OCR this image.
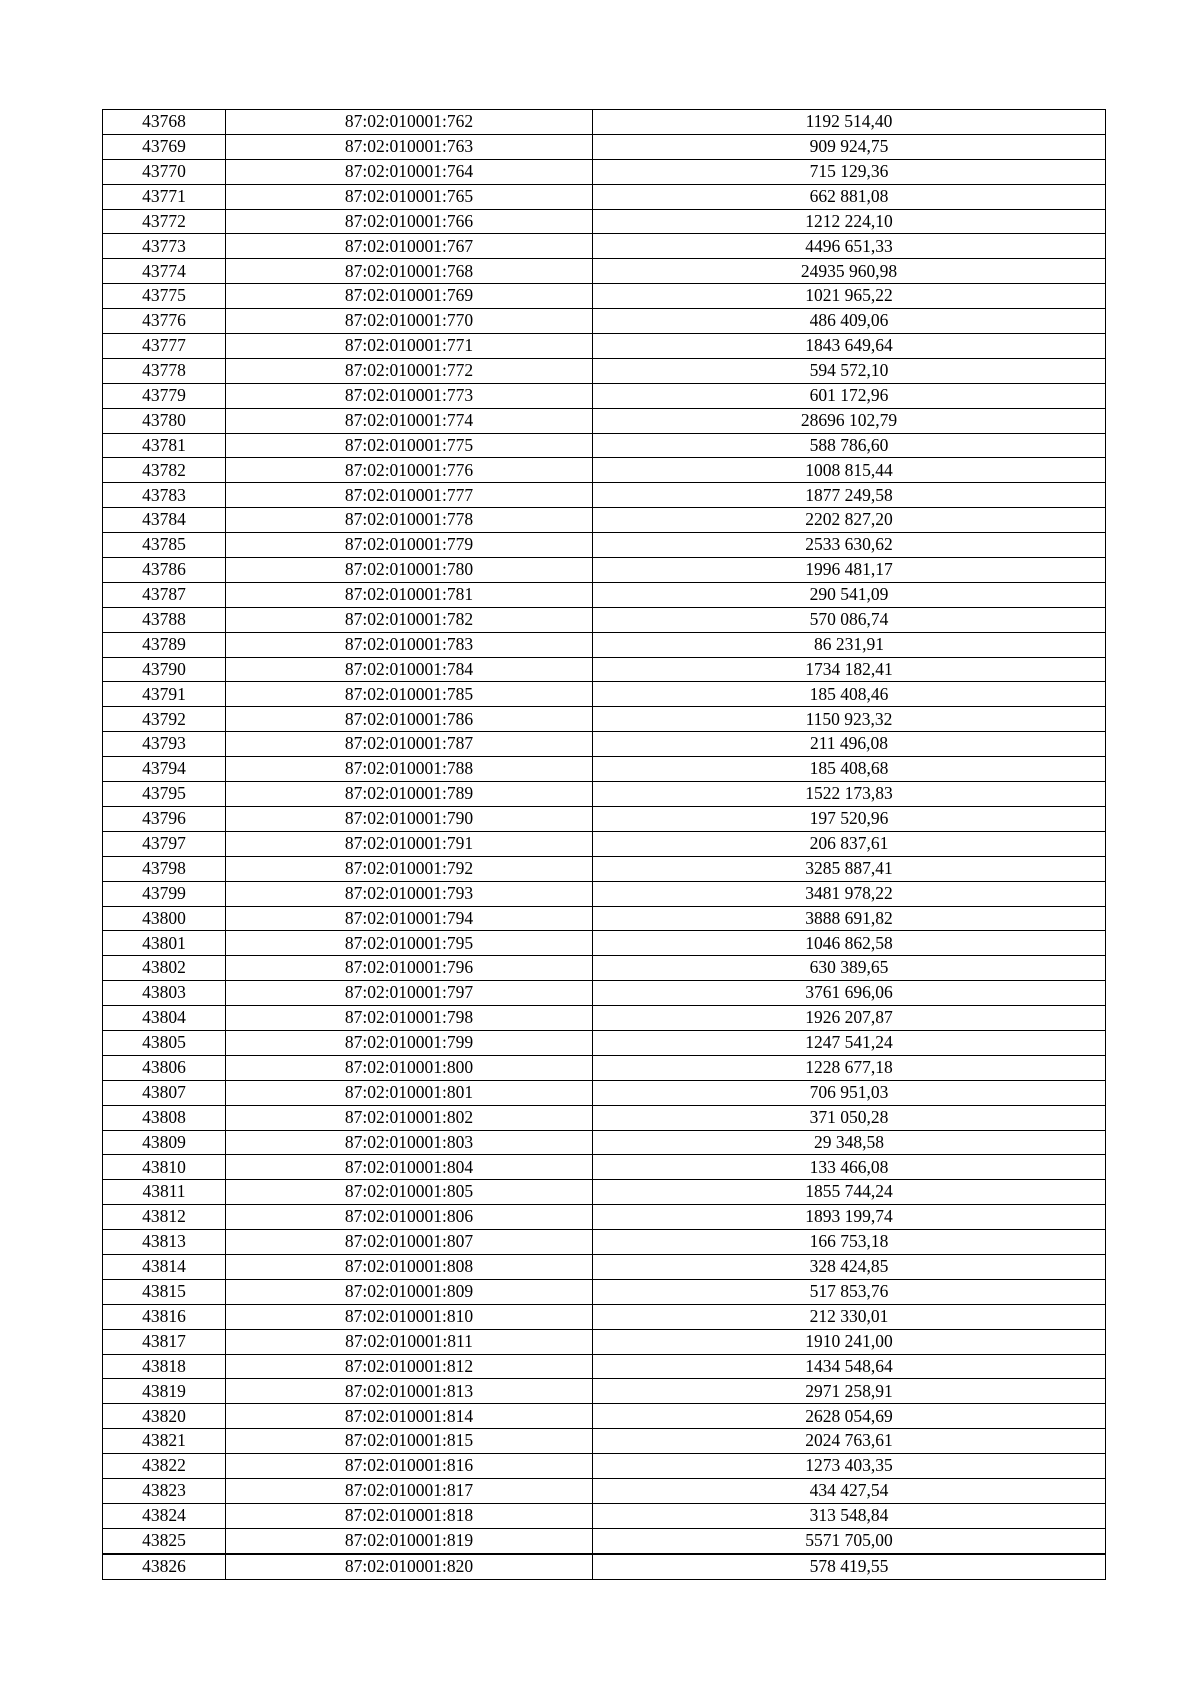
43768	87:02:010001:762	1192 514,40
43769	87:02:010001:763	909 924,75
43770	87:02:010001:764	715 129,36
43771	87:02:010001:765	662 881,08
43772	87:02:010001:766	1212 224,10
43773	87:02:010001:767	4496 651,33
43774	87:02:010001:768	24935 960,98
43775	87:02:010001:769	1021 965,22
43776	87:02:010001:770	486 409,06
43777	87:02:010001:771	1843 649,64
43778	87:02:010001:772	594 572,10
43779	87:02:010001:773	601 172,96
43780	87:02:010001:774	28696 102,79
43781	87:02:010001:775	588 786,60
43782	87:02:010001:776	1008 815,44
43783	87:02:010001:777	1877 249,58
43784	87:02:010001:778	2202 827,20
43785	87:02:010001:779	2533 630,62
43786	87:02:010001:780	1996 481,17
43787	87:02:010001:781	290 541,09
43788	87:02:010001:782	570 086,74
43789	87:02:010001:783	86 231,91
43790	87:02:010001:784	1734 182,41
43791	87:02:010001:785	185 408,46
43792	87:02:010001:786	1150 923,32
43793	87:02:010001:787	211 496,08
43794	87:02:010001:788	185 408,68
43795	87:02:010001:789	1522 173,83
43796	87:02:010001:790	197 520,96
43797	87:02:010001:791	206 837,61
43798	87:02:010001:792	3285 887,41
43799	87:02:010001:793	3481 978,22
43800	87:02:010001:794	3888 691,82
43801	87:02:010001:795	1046 862,58
43802	87:02:010001:796	630 389,65
43803	87:02:010001:797	3761 696,06
43804	87:02:010001:798	1926 207,87
43805	87:02:010001:799	1247 541,24
43806	87:02:010001:800	1228 677,18
43807	87:02:010001:801	706 951,03
43808	87:02:010001:802	371 050,28
43809	87:02:010001:803	29 348,58
43810	87:02:010001:804	133 466,08
43811	87:02:010001:805	1855 744,24
43812	87:02:010001:806	1893 199,74
43813	87:02:010001:807	166 753,18
43814	87:02:010001:808	328 424,85
43815	87:02:010001:809	517 853,76
43816	87:02:010001:810	212 330,01
43817	87:02:010001:811	1910 241,00
43818	87:02:010001:812	1434 548,64
43819	87:02:010001:813	2971 258,91
43820	87:02:010001:814	2628 054,69
43821	87:02:010001:815	2024 763,61
43822	87:02:010001:816	1273 403,35
43823	87:02:010001:817	434 427,54
43824	87:02:010001:818	313 548,84
43825	87:02:010001:819	5571 705,00
43826	87:02:010001:820	578 419,55
